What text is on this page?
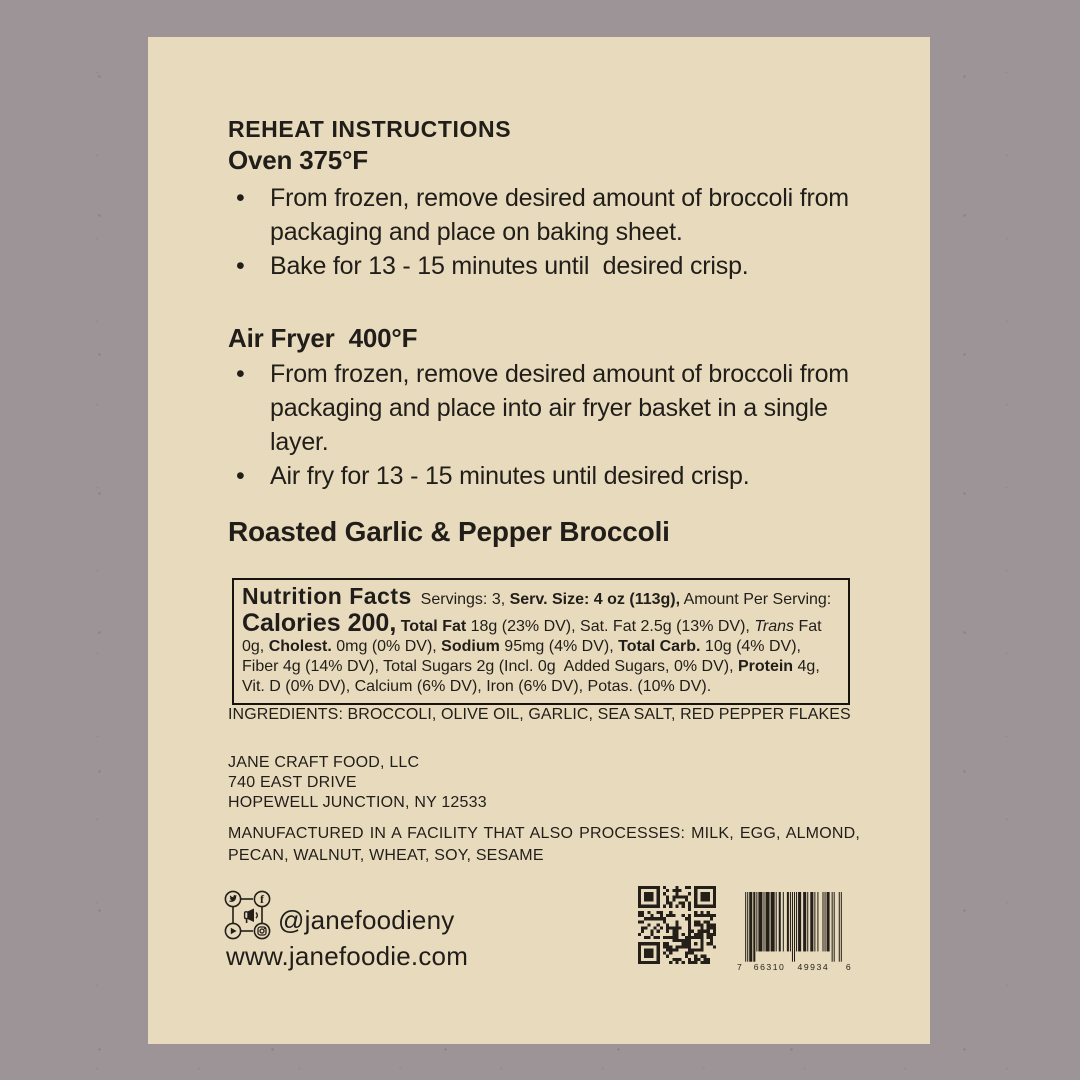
REHEAT INSTRUCTIONS
Oven 375°F
• From frozen, remove desired amount of broccoli from packaging and place on baking sheet.
• Bake for 13 - 15 minutes until  desired crisp.
Air Fryer  400°F
• From frozen, remove desired amount of broccoli from packaging and place into air fryer basket in a single layer.
• Air fry for 13 - 15 minutes until desired crisp.
Roasted Garlic & Pepper Broccoli

Nutrition Facts  Servings: 3, Serv. Size: 4 oz (113g), Amount Per Serving: Calories 200, Total Fat 18g (23% DV), Sat. Fat 2.5g (13% DV), Trans Fat 0g, Cholest. 0mg (0% DV), Sodium 95mg (4% DV), Total Carb. 10g (4% DV), Fiber 4g (14% DV), Total Sugars 2g (Incl. 0g  Added Sugars, 0% DV), Protein 4g, Vit. D (0% DV), Calcium (6% DV), Iron (6% DV), Potas. (10% DV).

INGREDIENTS: BROCCOLI, OLIVE OIL, GARLIC, SEA SALT, RED PEPPER FLAKES
JANE CRAFT FOOD, LLC
740 EAST DRIVE
HOPEWELL JUNCTION, NY 12533
MANUFACTURED IN A FACILITY THAT ALSO PROCESSES: MILK, EGG, ALMOND, PECAN, WALNUT, WHEAT, SOY, SESAME
f
@janefoodieny
www.janefoodie.com	7 66310 49934 6
